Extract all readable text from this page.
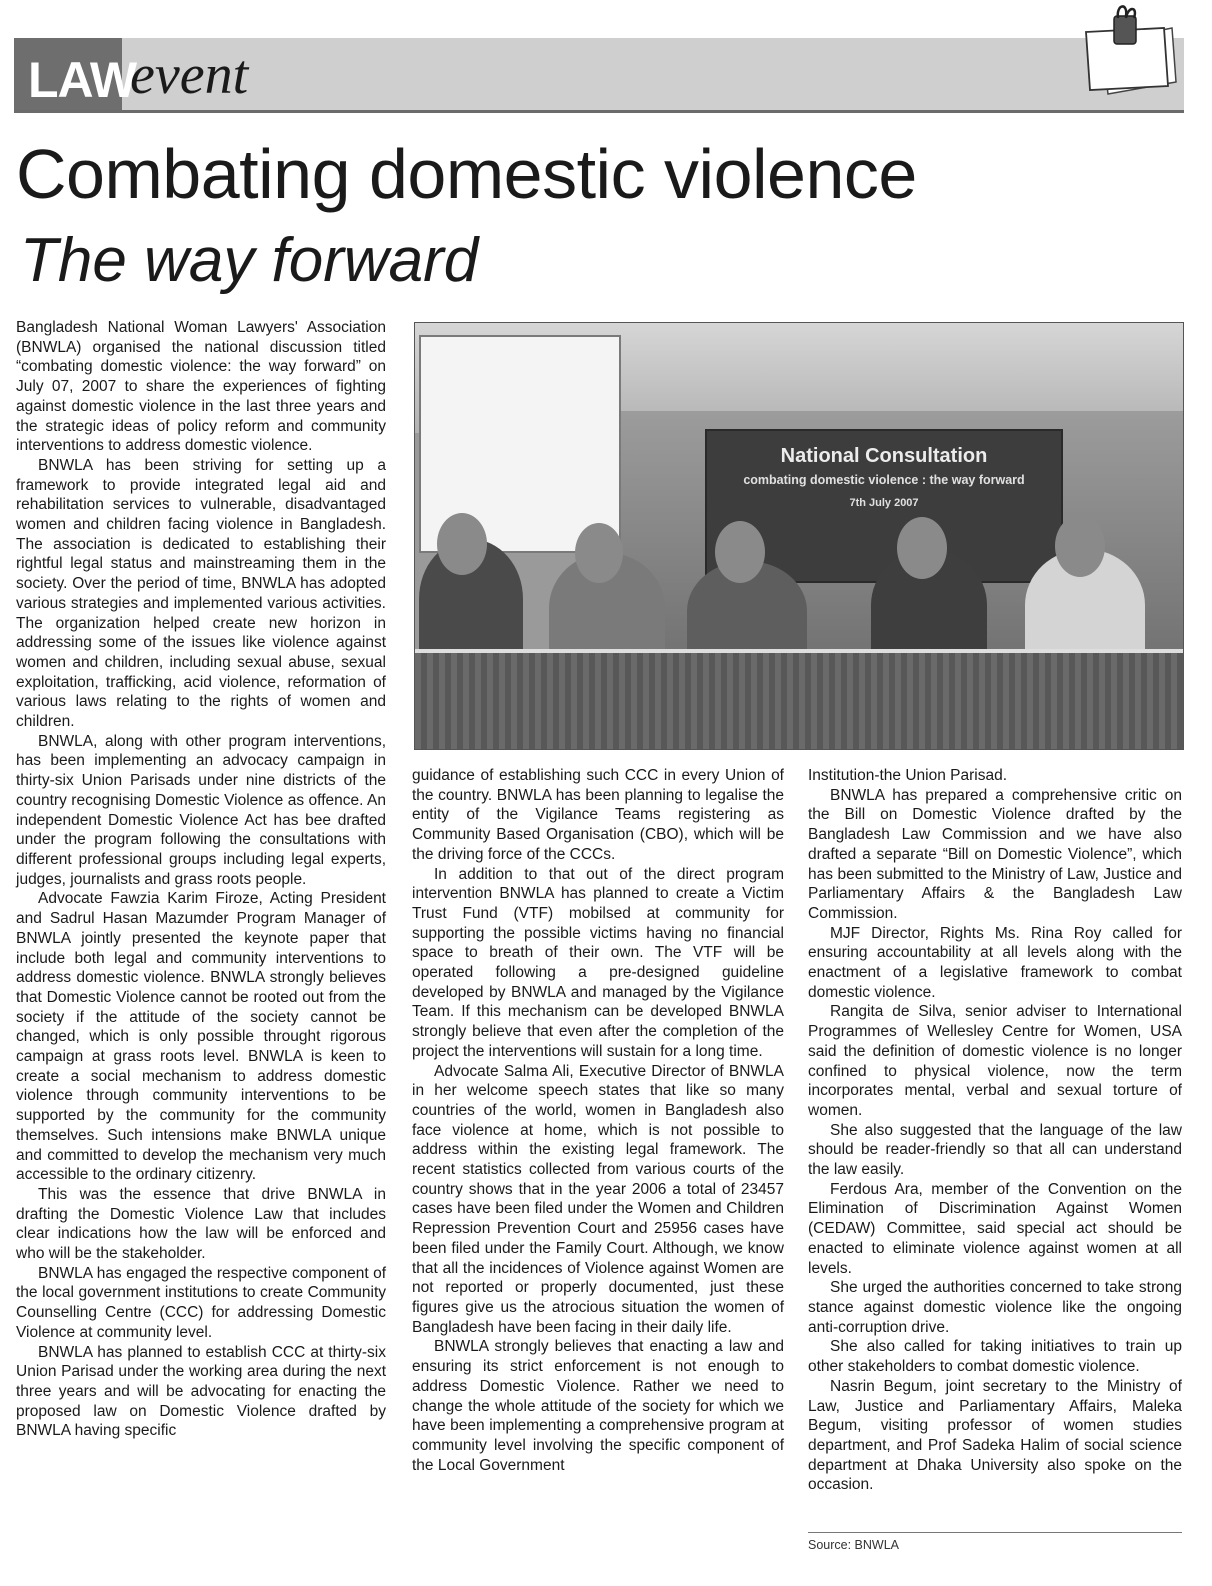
LAW
event
Combating domestic violence
The way forward
National Consultation
combating domestic violence : the way forward
7th July 2007

Bangladesh National Woman Lawyers' Association (BNWLA) organised the national discussion titled “combating domestic violence: the way forward” on July 07, 2007 to share the experiences of fighting against domestic violence in the last three years and the strategic ideas of policy reform and community interventions to address domestic violence.

BNWLA has been striving for setting up a framework to provide integrated legal aid and rehabilitation services to vulnerable, disadvantaged women and children facing violence in Bangladesh. The association is dedicated to establishing their rightful legal status and mainstreaming them in the society. Over the period of time, BNWLA has adopted various strategies and implemented various activities. The organization helped create new horizon in addressing some of the issues like violence against women and children, including sexual abuse, sexual exploitation, trafficking, acid violence, reformation of various laws relating to the rights of women and children.

BNWLA, along with other program interventions, has been implementing an advocacy campaign in thirty-six Union Parisads under nine districts of the country recognising Domestic Violence as offence. An independent Domestic Violence Act has bee drafted under the program following the consultations with different professional groups including legal experts, judges, journalists and grass roots people.

Advocate Fawzia Karim Firoze, Acting President and Sadrul Hasan Mazumder Program Manager of BNWLA jointly presented the keynote paper that include both legal and community interventions to address domestic violence. BNWLA strongly believes that Domestic Violence cannot be rooted out from the society if the attitude of the society cannot be changed, which is only possible throught rigorous campaign at grass roots level. BNWLA is keen to create a social mechanism to address domestic violence through community interventions to be supported by the community for the community themselves. Such intensions make BNWLA unique and committed to develop the mechanism very much accessible to the ordinary citizenry.

This was the essence that drive BNWLA in drafting the Domestic Violence Law that includes clear indications how the law will be enforced and who will be the stakeholder.

BNWLA has engaged the respective component of the local government institutions to create Community Counselling Centre (CCC) for addressing Domestic Violence at community level.

BNWLA has planned to establish CCC at thirty-six Union Parisad under the working area during the next three years and will be advocating for enacting the proposed law on Domestic Violence drafted by BNWLA having specific

guidance of establishing such CCC in every Union of the country. BNWLA has been planning to legalise the entity of the Vigilance Teams registering as Community Based Organisation (CBO), which will be the driving force of the CCCs.

In addition to that out of the direct program intervention BNWLA has planned to create a Victim Trust Fund (VTF) mobilsed at community for supporting the possible victims having no financial space to breath of their own. The VTF will be operated following a pre-designed guideline developed by BNWLA and managed by the Vigilance Team. If this mechanism can be developed BNWLA strongly believe that even after the completion of the project the interventions will sustain for a long time.

Advocate Salma Ali, Executive Director of BNWLA in her welcome speech states that like so many countries of the world, women in Bangladesh also face violence at home, which is not possible to address within the existing legal framework. The recent statistics collected from various courts of the country shows that in the year 2006 a total of 23457 cases have been filed under the Women and Children Repression Prevention Court and 25956 cases have been filed under the Family Court. Although, we know that all the incidences of Violence against Women are not reported or properly documented, just these figures give us the atrocious situation the women of Bangladesh have been facing in their daily life.

BNWLA strongly believes that enacting a law and ensuring its strict enforcement is not enough to address Domestic Violence. Rather we need to change the whole attitude of the society for which we have been implementing a comprehensive program at community level involving the specific component of the Local Government

Institution-the Union Parisad.

BNWLA has prepared a comprehensive critic on the Bill on Domestic Violence drafted by the Bangladesh Law Commission and we have also drafted a separate “Bill on Domestic Violence”, which has been submitted to the Ministry of Law, Justice and Parliamentary Affairs & the Bangladesh Law Commission.

MJF Director, Rights Ms. Rina Roy called for ensuring accountability at all levels along with the enactment of a legislative framework to combat domestic violence.

Rangita de Silva, senior adviser to International Programmes of Wellesley Centre for Women, USA said the definition of domestic violence is no longer confined to physical violence, now the term incorporates mental, verbal and sexual torture of women.

She also suggested that the language of the law should be reader-friendly so that all can understand the law easily.

Ferdous Ara, member of the Convention on the Elimination of Discrimination Against Women (CEDAW) Committee, said special act should be enacted to eliminate violence against women at all levels.

She urged the authorities concerned to take strong stance against domestic violence like the ongoing anti-corruption drive.

She also called for taking initiatives to train up other stakeholders to combat domestic violence.

Nasrin Begum, joint secretary to the Ministry of Law, Justice and Parliamentary Affairs, Maleka Begum, visiting professor of women studies department, and Prof Sadeka Halim of social science department at Dhaka University also spoke on the occasion.

Source: BNWLA
